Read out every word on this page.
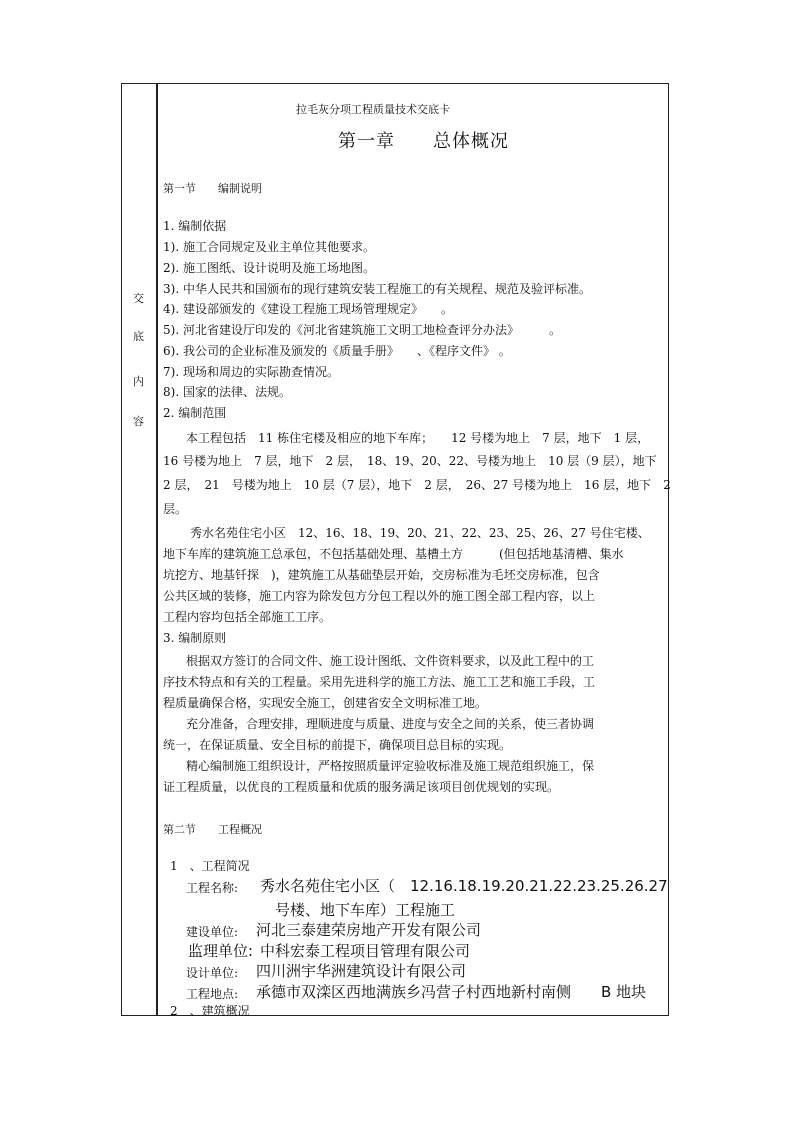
交
底
内
容
拉毛灰分项工程质量技术交底卡
第一章　　总体概况
第一节　　编制说明
1. 编制依据
1). 施工合同规定及业主单位其他要求。
2). 施工图纸、设计说明及施工场地图。
3). 中华人民共和国颁布的现行建筑安装工程施工的有关规程、规范及验评标准。
4). 建设部颁发的《建设工程施工现场管理规定》　　。
5). 河北省建设厅印发的《河北省建筑施工文明工地检查评分办法》　　　。
6). 我公司的企业标准及颁发的《质量手册》　　、《程序文件》 。
7). 现场和周边的实际勘查情况。
8). 国家的法律、法规。
2. 编制范围
本工程包括　11 栋住宅楼及相应的地下车库；　　12 号楼为地上　7 层，地下　1 层，
16 号楼为地上　7 层，地下　2 层，　18、19、20、22、号楼为地上　10 层（9 层），地下
2 层，　21　号楼为地上　10 层（7 层），地下　2 层，　26、27 号楼为地上　16 层，地下　2
层。
秀水名苑住宅小区　12、16、18、19、20、21、22、23、25、26、27 号住宅楼、
地下车库的建筑施工总承包，不包括基础处理、基槽土方　　　(但包括地基清槽、集水
坑挖方、地基钎探　)，建筑施工从基础垫层开始，交房标准为毛坯交房标准，包含
公共区域的装修，施工内容为除发包方分包工程以外的施工图全部工程内容，以上
工程内容均包括全部施工工序。
3. 编制原则
根据双方签订的合同文件、施工设计图纸、文件资料要求，以及此工程中的工
序技术特点和有关的工程量。采用先进科学的施工方法、施工工艺和施工手段，工
程质量确保合格，实现安全施工，创建省安全文明标准工地。
充分准备，合理安排，理顺进度与质量、进度与安全之间的关系，使三者协调
统一，在保证质量、安全目标的前提下，确保项目总目标的实现。
精心编制施工组织设计，严格按照质量评定验收标准及施工规范组织施工，保
证工程质量，以优良的工程质量和优质的服务满足该项目创优规划的实现。
第二节　　工程概况
1　、工程简况
工程名称: 秀水名苑住宅小区（　12.16.18.19.20.21.22.23.25.26.27
号楼、地下车库）工程施工
建设单位: 河北三泰建荣房地产开发有限公司
监理单位: 中科宏泰工程项目管理有限公司
设计单位: 四川洲宇华洲建筑设计有限公司
工程地点: 承德市双滦区西地满族乡冯营子村西地新村南侧　　B 地块
2　、建筑概况
